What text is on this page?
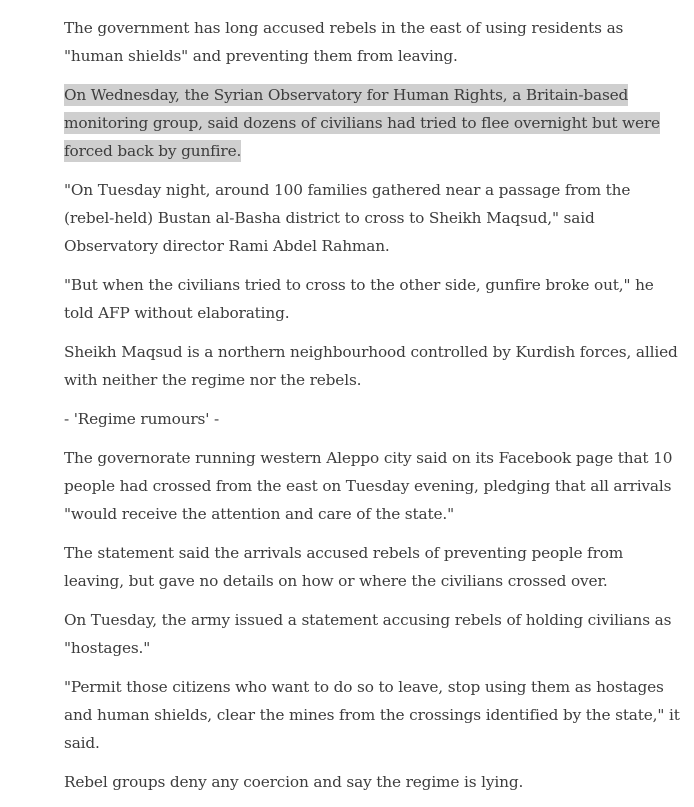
The government has long accused rebels in the east of using residents as "human shields" and preventing them from leaving.

On Wednesday, the Syrian Observatory for Human Rights, a Britain-based monitoring group, said dozens of civilians had tried to flee overnight but were forced back by gunfire.

"On Tuesday night, around 100 families gathered near a passage from the (rebel-held) Bustan al-Basha district to cross to Sheikh Maqsud," said Observatory director Rami Abdel Rahman.

"But when the civilians tried to cross to the other side, gunfire broke out," he told AFP without elaborating.

Sheikh Maqsud is a northern neighbourhood controlled by Kurdish forces, allied with neither the regime nor the rebels.

- 'Regime rumours' -

The governorate running western Aleppo city said on its Facebook page that 10 people had crossed from the east on Tuesday evening, pledging that all arrivals "would receive the attention and care of the state."

The statement said the arrivals accused rebels of preventing people from leaving, but gave no details on how or where the civilians crossed over.

On Tuesday, the army issued a statement accusing rebels of holding civilians as "hostages."

"Permit those citizens who want to do so to leave, stop using them as hostages and human shields, clear the mines from the crossings identified by the state," it said.

Rebel groups deny any coercion and say the regime is lying.
